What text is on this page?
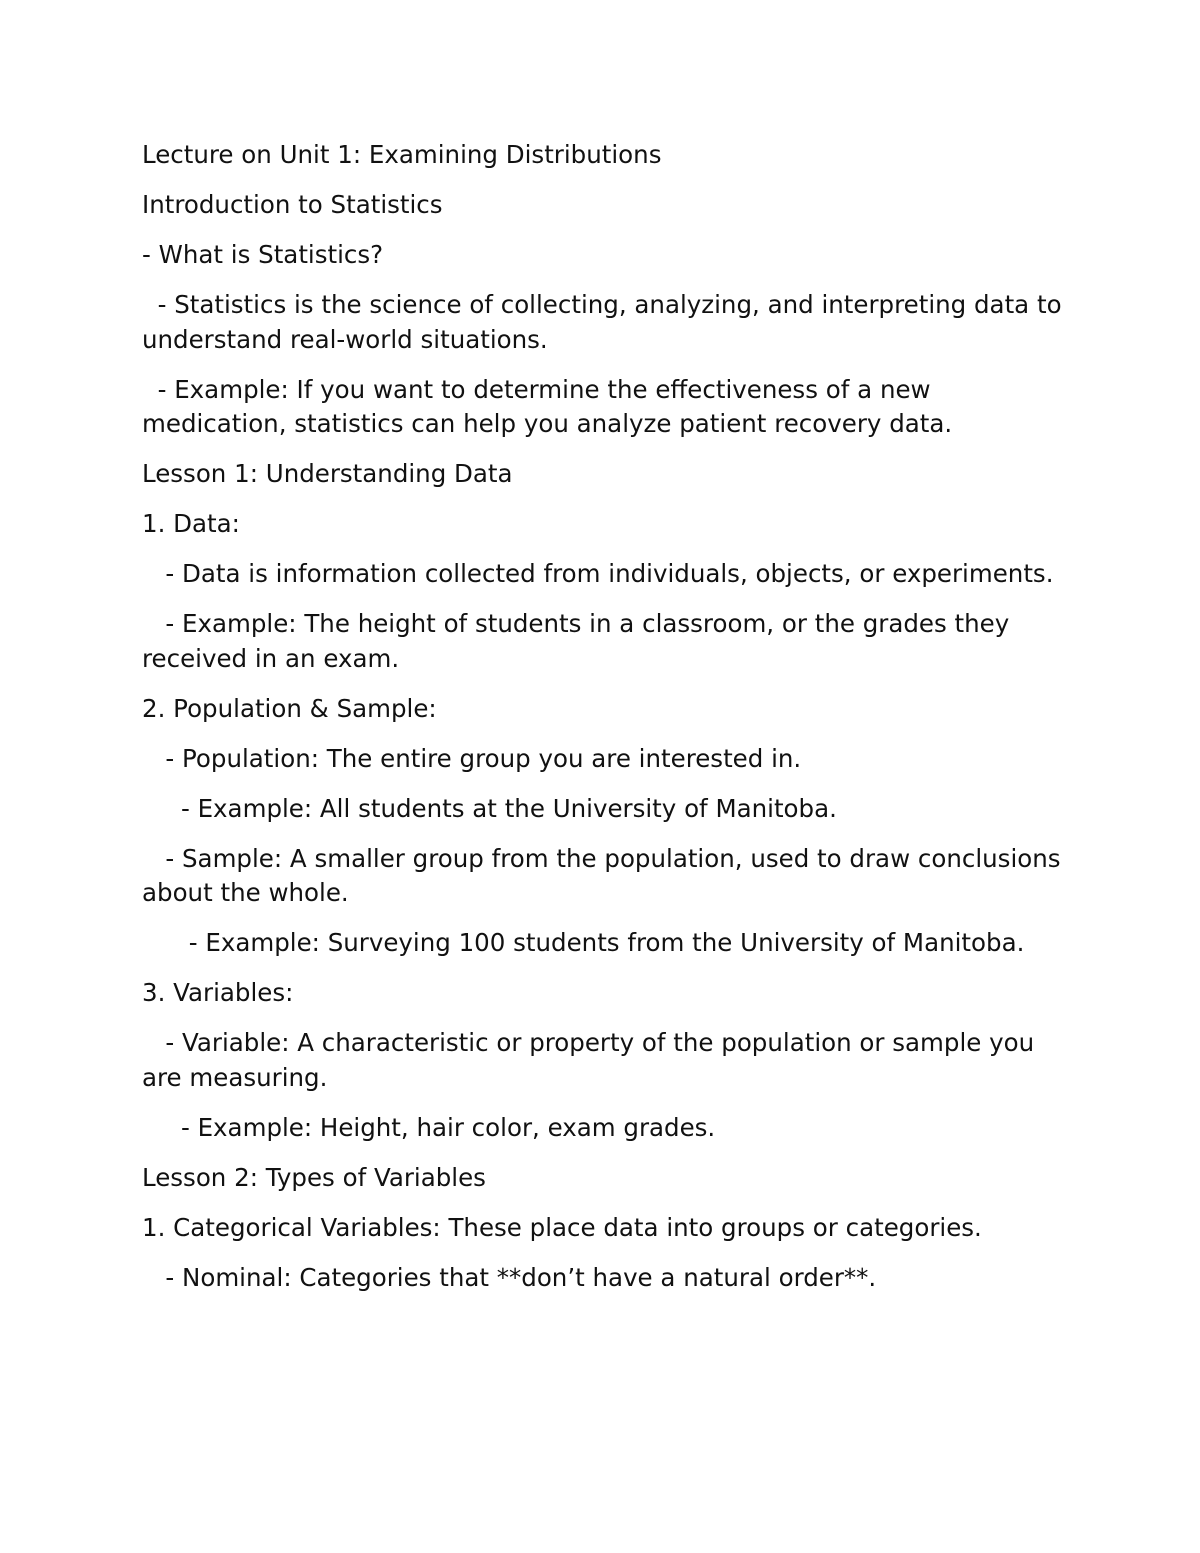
Lecture on Unit 1: Examining Distributions

Introduction to Statistics

- What is Statistics?

- Statistics is the science of collecting, analyzing, and interpreting data to understand real-world situations.

- Example: If you want to determine the effectiveness of a new medication, statistics can help you analyze patient recovery data.

Lesson 1: Understanding Data

1. Data:

- Data is information collected from individuals, objects, or experiments.

- Example: The height of students in a classroom, or the grades they received in an exam.

2. Population & Sample:

- Population: The entire group you are interested in.

- Example: All students at the University of Manitoba.

- Sample: A smaller group from the population, used to draw conclusions about the whole.

- Example: Surveying 100 students from the University of Manitoba.

3. Variables:

- Variable: A characteristic or property of the population or sample you are measuring.

- Example: Height, hair color, exam grades.

Lesson 2: Types of Variables

1. Categorical Variables: These place data into groups or categories.

- Nominal: Categories that **don’t have a natural order**.
